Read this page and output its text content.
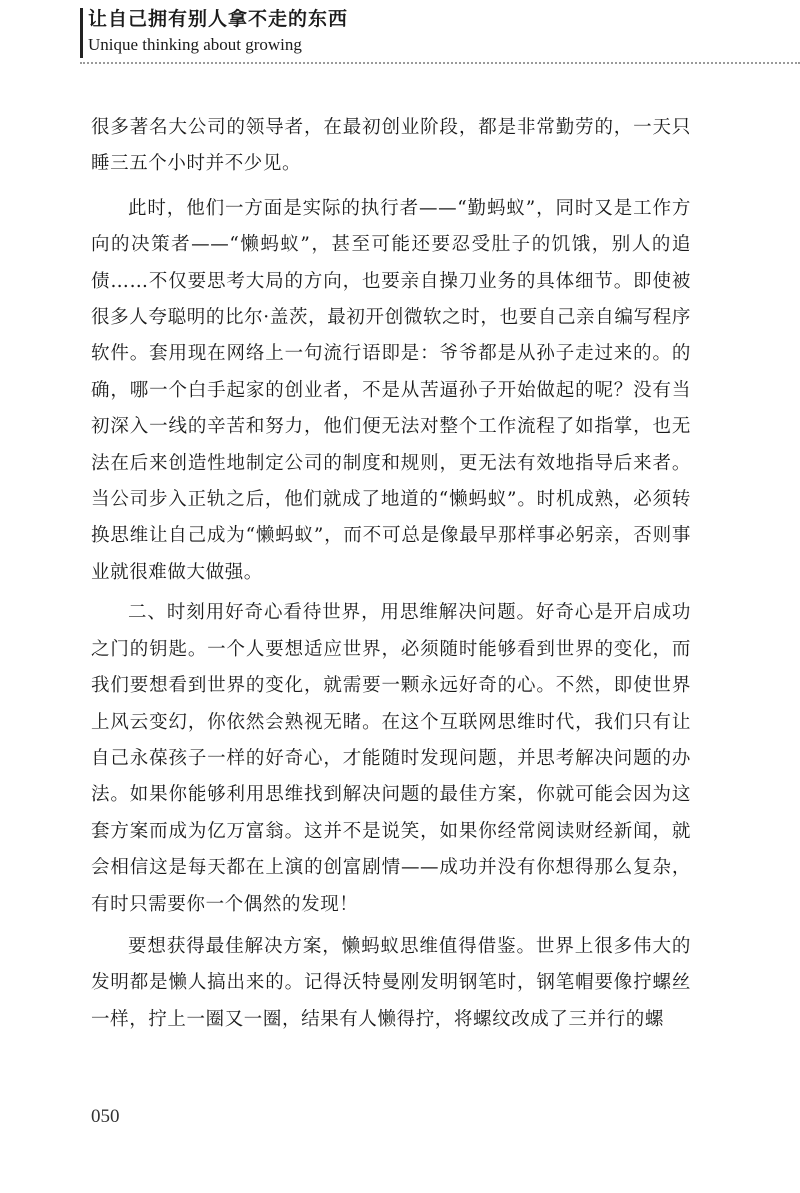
让自己拥有别人拿不走的东西
Unique thinking about growing

很多著名大公司的领导者，在最初创业阶段，都是非常勤劳的，一天只睡三五个小时并不少见。

此时，他们一方面是实际的执行者——“勤蚂蚁”，同时又是工作方向的决策者——“懒蚂蚁”，甚至可能还要忍受肚子的饥饿，别人的追债……不仅要思考大局的方向，也要亲自操刀业务的具体细节。即使被很多人夸聪明的比尔·盖茨，最初开创微软之时，也要自己亲自编写程序软件。套用现在网络上一句流行语即是：爷爷都是从孙子走过来的。的确，哪一个白手起家的创业者，不是从苦逼孙子开始做起的呢？没有当初深入一线的辛苦和努力，他们便无法对整个工作流程了如指掌，也无法在后来创造性地制定公司的制度和规则，更无法有效地指导后来者。当公司步入正轨之后，他们就成了地道的“懒蚂蚁”。时机成熟，必须转换思维让自己成为“懒蚂蚁”，而不可总是像最早那样事必躬亲，否则事业就很难做大做强。

二、时刻用好奇心看待世界，用思维解决问题。好奇心是开启成功之门的钥匙。一个人要想适应世界，必须随时能够看到世界的变化，而我们要想看到世界的变化，就需要一颗永远好奇的心。不然，即使世界上风云变幻，你依然会熟视无睹。在这个互联网思维时代，我们只有让自己永葆孩子一样的好奇心，才能随时发现问题，并思考解决问题的办法。如果你能够利用思维找到解决问题的最佳方案，你就可能会因为这套方案而成为亿万富翁。这并不是说笑，如果你经常阅读财经新闻，就会相信这是每天都在上演的创富剧情——成功并没有你想得那么复杂，有时只需要你一个偶然的发现！

要想获得最佳解决方案，懒蚂蚁思维值得借鉴。世界上很多伟大的发明都是懒人搞出来的。记得沃特曼刚发明钢笔时，钢笔帽要像拧螺丝一样，拧上一圈又一圈，结果有人懒得拧，将螺纹改成了三并行的螺

050
